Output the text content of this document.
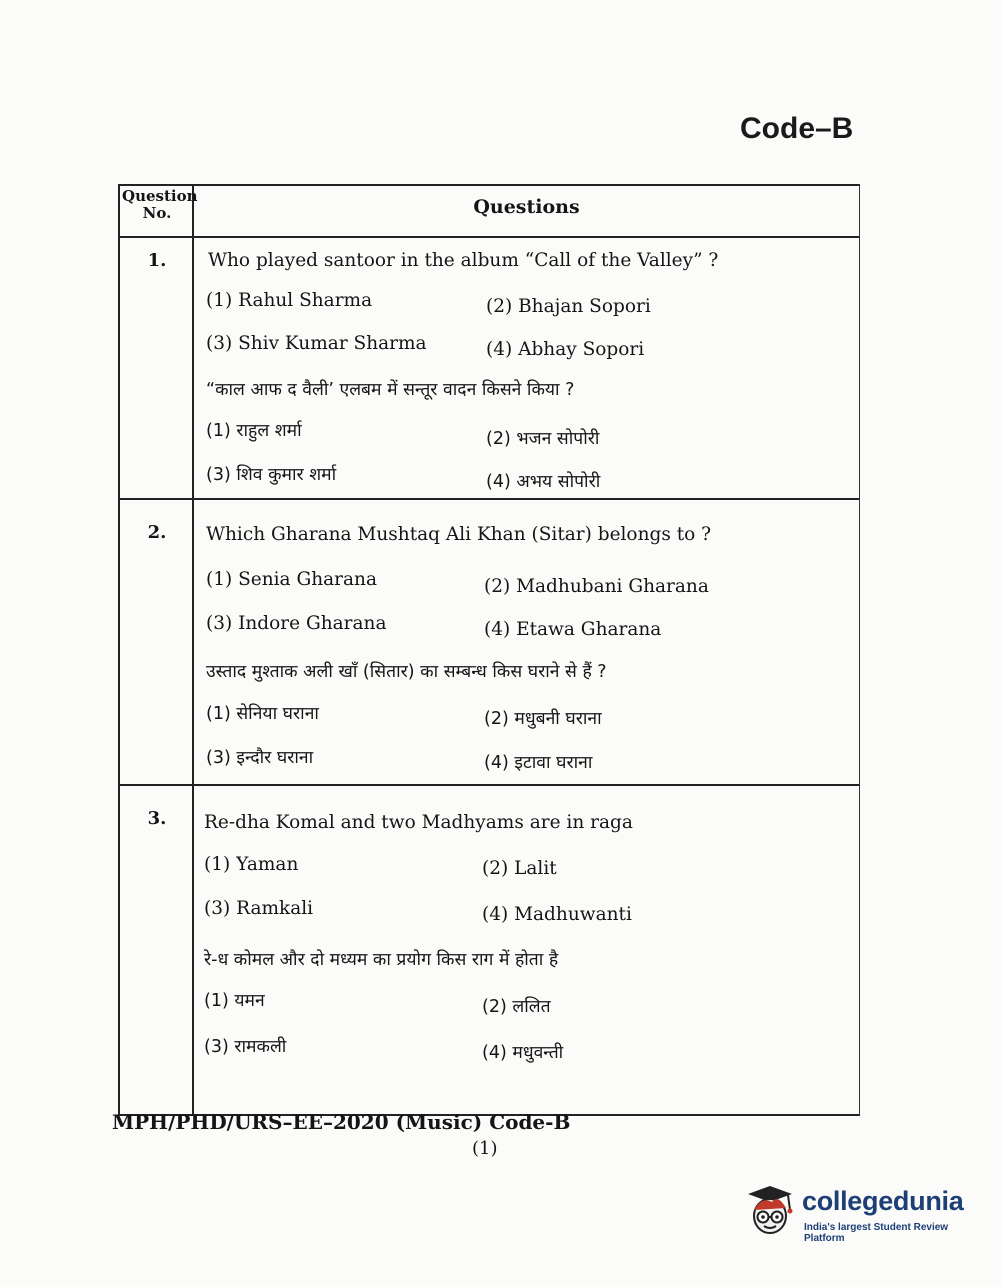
Code–B
Question No.	Questions
1.	Who played santoor in the album “Call of the Valley” ?
(1) Rahul Sharma	(2) Bhajan Sopori
(3) Shiv Kumar Sharma	(4) Abhay Sopori
“काल आफ द वैली’ एलबम में सन्तूर वादन किसने किया ?
(1) राहुल शर्मा	(2) भजन सोपोरी
(3) शिव कुमार शर्मा	(4) अभय सोपोरी
2.	Which Gharana Mushtaq Ali Khan (Sitar) belongs to ?
(1) Senia Gharana	(2) Madhubani Gharana
(3) Indore Gharana	(4) Etawa Gharana
उस्ताद मुश्ताक अली खाँ (सितार) का सम्बन्ध किस घराने से हैं ?
(1) सेनिया घराना	(2) मधुबनी घराना
(3) इन्दौर घराना	(4) इटावा घराना
3.	Re-dha Komal and two Madhyams are in raga
(1) Yaman	(2) Lalit
(3) Ramkali	(4) Madhuwanti
रे-ध कोमल और दो मध्यम का प्रयोग किस राग में होता है
(1) यमन	(2) ललित
(3) रामकली	(4) मधुवन्ती
MPH/PHD/URS–EE–2020 (Music) Code-B
(1)
collegedunia
India's largest Student Review Platform
